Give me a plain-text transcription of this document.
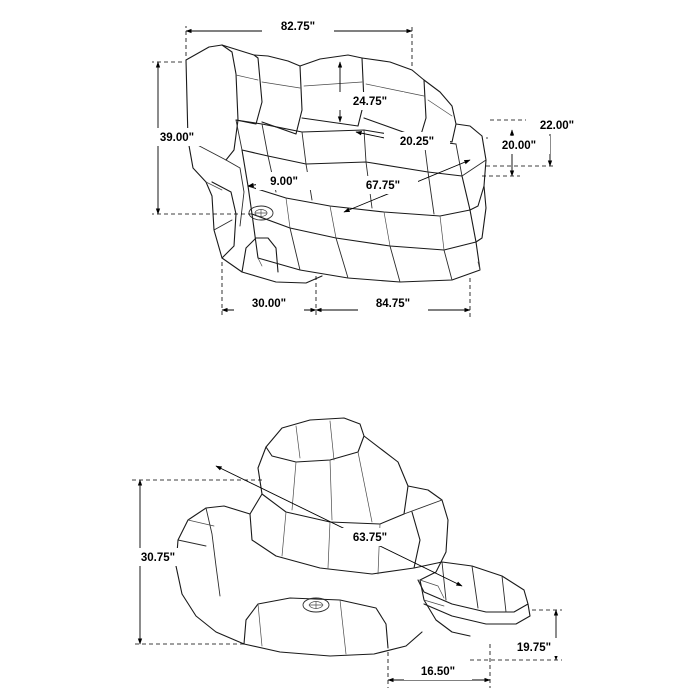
82.75"
39.00"
24.75"
20.25"
9.00"	67.75"
22.00"
20.00"
30.00"	84.75"
30.75"
63.75"
19.75"
16.50"
